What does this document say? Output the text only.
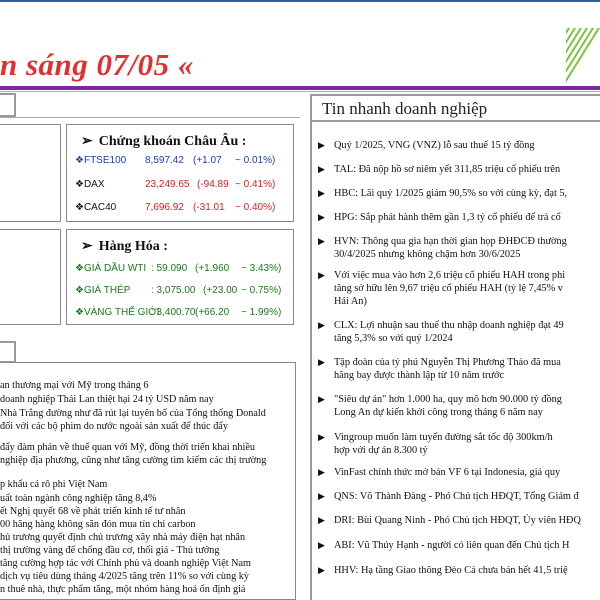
n sáng 07/05 «
➢ Chứng khoán Châu Âu :
❖FTSE100 8,597.42 (+1.07 ~ 0.01%)
❖DAX	23,249.65 (-94.89 ~ 0.41%)
❖CAC40	7,696.92 (-31.01 ~ 0.40%)
➢ Hàng Hóa :
❖GIÁ DẦU WTI : 59.090 (+1.960 ~ 3.43%)
❖GIÁ THÉP : 3,075.00 (+23.00 ~ 0.75%)
❖VÀNG THẾ GIỚI
: 3,400.70 (+66.20 ~ 1.99%)
an thương mại với Mỹ trong tháng 6
doanh nghiệp Thái Lan thiệt hại 24 tỷ USD năm nay
Nhà Trắng đường như đã rút lại tuyên bố của Tổng thống Donald
đối với các bộ phim do nước ngoài sản xuất để thúc đẩy
đẩy đàm phán về thuế quan với Mỹ, đồng thời triển khai nhiều
nghiệp địa phương, cũng như tăng cường tìm kiếm các thị trường
p khẩu cá rô phi Việt Nam
uất toàn ngành công nghiệp tăng 8,4%
ết Nghị quyết 68 về phát triển kinh tế tư nhân
00 hãng hàng không săn đón mua tín chỉ carbon
hủ trương quyết định chủ trương xây nhà máy điện hạt nhân
thị trường vàng để chống đầu cơ, thổi giá - Thủ tướng
tăng cường hợp tác với Chính phủ và doanh nghiệp Việt Nam
dịch vụ tiêu dùng tháng 4/2025 tăng trên 11% so với cùng kỳ
n thuê nhà, thực phẩm tăng, một nhóm hàng hoá ổn định giá
Tin nhanh doanh nghiệp
▶ Quý 1/2025, VNG (VNZ) lỗ sau thuế 15 tỷ đồng
▶ TAL: Đã nộp hồ sơ niêm yết 311,85 triệu cổ phiếu trên
▶ HBC: Lãi quý 1/2025 giảm 90,5% so với cùng kỳ, đạt 5,
▶ HPG: Sắp phát hành thêm gần 1,3 tỷ cổ phiếu để trả cổ
▶ HVN: Thông qua gia hạn thời gian họp ĐHĐCĐ thường
30/4/2025 nhưng không chậm hơn 30/6/2025
▶ Với việc mua vào hơn 2,6 triệu cổ phiếu HAH trong phi
tăng sở hữu lên 9,67 triệu cổ phiếu HAH (tỷ lệ 7,45% v
Hải An)
▶ CLX: Lợi nhuận sau thuế thu nhập doanh nghiệp đạt 49
tăng 5,3% so với quý 1/2024
▶ Tập đoàn của tỷ phú Nguyễn Thị Phương Thảo đã mua
hãng bay được thành lập từ 10 năm trước
▶ "Siêu dự án" hơn 1.000 ha, quy mô hơn 90.000 tỷ đồng
Long An dự kiến khởi công trong tháng 6 năm nay
▶ Vingroup muốn làm tuyến đường sắt tốc độ 300km/h
hợp với dự án 8.300 tỷ
▶ VinFast chính thức mở bán VF 6 tại Indonesia, giá quy
▶ QNS: Võ Thành Đàng - Phó Chủ tịch HĐQT, Tổng Giám đ
▶ DRI: Bùi Quang Ninh - Phó Chủ tịch HĐQT, Ủy viên HĐQ
▶ ABI: Vũ Thúy Hạnh - người có liên quan đến Chủ tịch H
▶ HHV: Hạ tầng Giao thông Đèo Cả chưa bán hết 41,5 triệ
